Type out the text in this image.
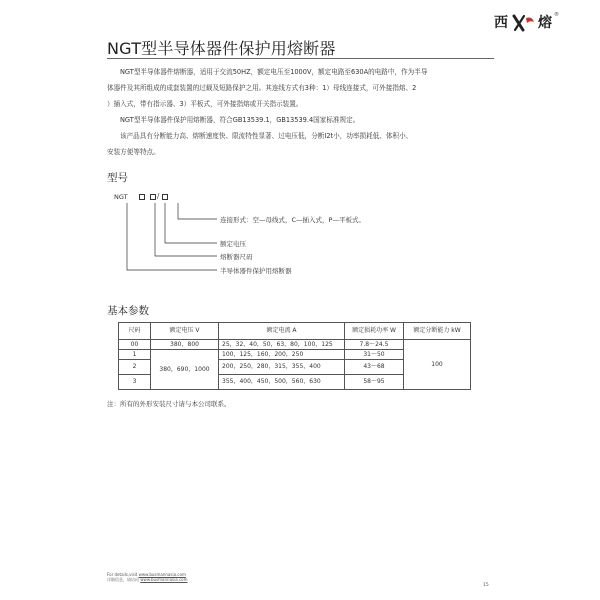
西 熔 ®
NGT型半导体器件保护用熔断器
NGT型半导体器件熔断器，适用于交流50HZ，额定电压至1000V，额定电路至630A的电路中，作为半导
体器件及其所组成的成套装置的过载及短路保护之用。其连线方式有3种：1）母线连接式，可外接指熔、2
）插入式，带有指示器、3）平板式，可外接指熔或开关指示装置。
NGT型半导体器件保护用熔断器，符合GB13539.1，GB13539.4国家标准规定。
该产品具有分断能力高、熔断速度快、限流特性显著、过电压低，分断I2t小，功率损耗低、体积小、
安装方便等特点。
型号
NGT	/
连接形式：空—母线式，C—插入式，P—平板式。
额定电压
熔断器尺码
半导体器件保护用熔断器
基本参数
尺码	额定电压 V	额定电流 A	额定损耗功率 W	额定分断能力 kW
00	380，800	25，32，40，50，63，80，100，125	7.8～24.5	100
1	380，690，1000	100，125，160，200，250	31～50	
2		200，250，280，315，355，400	43～68	
3		355，400，450，500，560，630	58～95	
注：所有的外形安装尺寸请与本公司联系。
For details,visit www.busmannasia.com
详细信息，请访问 www.busmannasia.com
15
